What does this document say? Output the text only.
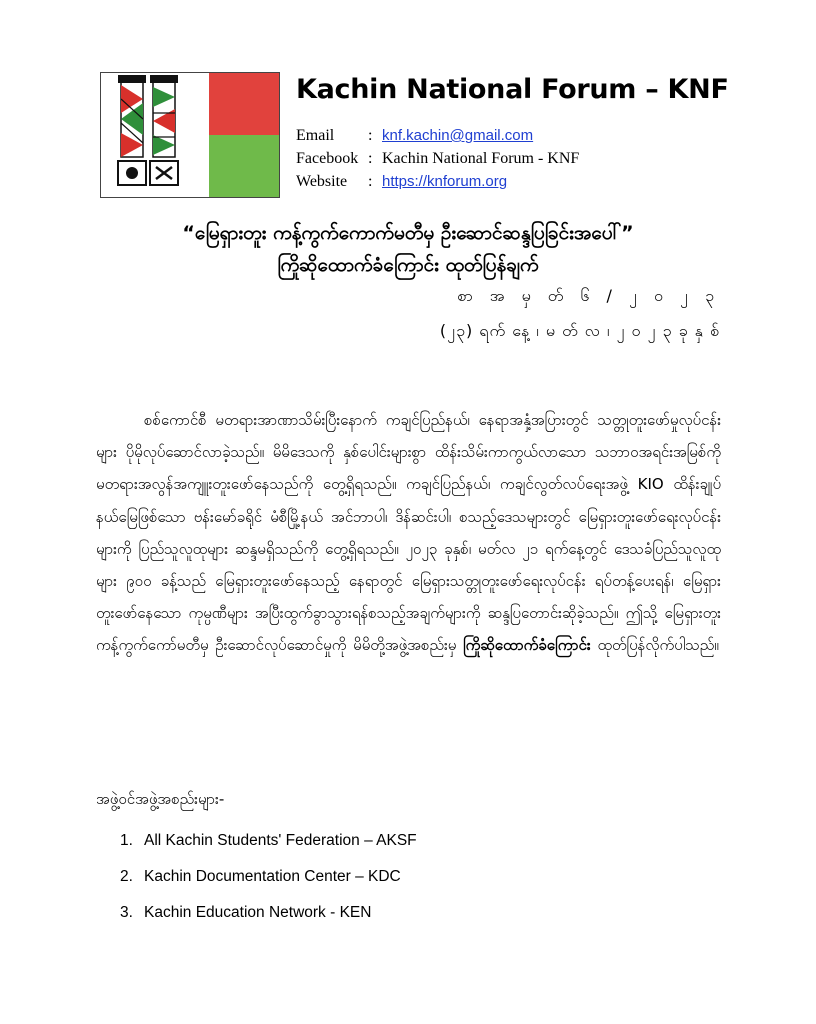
Kachin National Forum – KNF
Email : knf.kachin@gmail.com
Facebook : Kachin National Forum - KNF
Website : https://knforum.org
“မြေရှားတူး ကန့်ကွက်ကောက်မတီမှ ဦးဆောင်ဆန္ဒပြခြင်းအပေါ်”
ကြိုဆိုထောက်ခံကြောင်း ထုတ်ပြန်ချက်
စာ အ မှ တ် ၆ / ၂ ၀ ၂ ၃
(၂၃) ရက် နေ့ ၊ မ တ် လ ၊ ၂ ၀ ၂ ၃ ခု နှ စ်
စစ်ကောင်စီ မတရားအာဏာသိမ်းပြီးနောက် ကချင်ပြည်နယ်၊ နေရာအနှံ့အပြားတွင် သတ္တုတူးဖော်မှုလုပ်ငန်းများ ပိုမိုလုပ်ဆောင်လာခဲ့သည်။ မိမိဒေသကို နှစ်ပေါင်းများစွာ ထိန်းသိမ်းကာကွယ်လာသော သဘာဝအရင်းအမြစ်ကို မတရားအလွန်အကျူးတူးဖော်နေသည်ကို တွေ့ရှိရသည်။ ကချင်ပြည်နယ်၊ ကချင်လွတ်လပ်ရေးအဖွဲ့ KIO ထိန်းချုပ်နယ်မြေဖြစ်သော ဗန်းမော်ခရိုင် မံစီမြို့နယ် အင်ဘာပါ၊ ဒိန်ဆင်းပါ၊ စသည့်ဒေသများတွင် မြေရှားတူးဖော်ရေးလုပ်ငန်းများကို ပြည်သူလူထုများ ဆန္ဒမရှိသည်ကို တွေ့ရှိရသည်။ ၂၀၂၃ ခုနှစ်၊ မတ်လ ၂၁ ရက်နေ့တွင် ဒေသခံပြည်သူလူထုများ ၉၀၀ ခန့်သည် မြေရှားတူးဖော်နေသည့် နေရာတွင် မြေရှားသတ္တုတူးဖော်ရေးလုပ်ငန်း ရပ်တန့်ပေးရန်၊ မြေရှားတူးဖော်နေသော ကုမ္ပဏီများ အပြီးထွက်ခွာသွားရန်စသည့်အချက်များကို ဆန္ဒပြတောင်းဆိုခဲ့သည်။ ဤသို့ မြေရှားတူး ကန့်ကွက်ကော်မတီမှ ဦးဆောင်လုပ်ဆောင်မှုကို မိမိတို့အဖွဲ့အစည်းမှ ကြိုဆိုထောက်ခံကြောင်း ထုတ်ပြန်လိုက်ပါသည်။
အဖွဲ့ဝင်အဖွဲ့အစည်းများ-
1. All Kachin Students' Federation – AKSF
2. Kachin Documentation Center – KDC
3. Kachin Education Network - KEN
